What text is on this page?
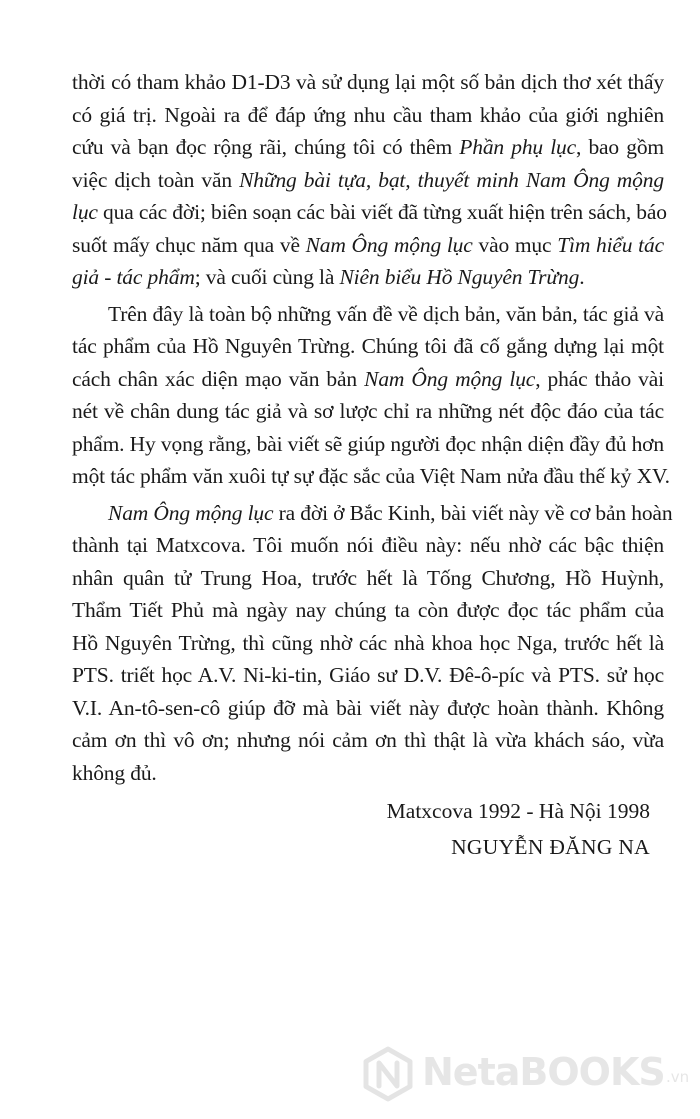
thời có tham khảo D1-D3 và sử dụng lại một số bản dịch thơ xét thấy
có giá trị. Ngoài ra để đáp ứng nhu cầu tham khảo của giới nghiên
cứu và bạn đọc rộng rãi, chúng tôi có thêm Phần phụ lục, bao gồm
việc dịch toàn văn Những bài tựa, bạt, thuyết minh Nam Ông mộng
lục qua các đời; biên soạn các bài viết đã từng xuất hiện trên sách, báo
suốt mấy chục năm qua về Nam Ông mộng lục vào mục Tìm hiểu tác
giả - tác phẩm; và cuối cùng là Niên biểu Hồ Nguyên Trừng.
Trên đây là toàn bộ những vấn đề về dịch bản, văn bản, tác giả và
tác phẩm của Hồ Nguyên Trừng. Chúng tôi đã cố gắng dựng lại một
cách chân xác diện mạo văn bản Nam Ông mộng lục, phác thảo vài
nét về chân dung tác giả và sơ lược chỉ ra những nét độc đáo của tác
phẩm. Hy vọng rằng, bài viết sẽ giúp người đọc nhận diện đầy đủ hơn
một tác phẩm văn xuôi tự sự đặc sắc của Việt Nam nửa đầu thế kỷ XV.
Nam Ông mộng lục ra đời ở Bắc Kinh, bài viết này về cơ bản hoàn
thành tại Matxcova. Tôi muốn nói điều này: nếu nhờ các bậc thiện
nhân quân tử Trung Hoa, trước hết là Tống Chương, Hồ Huỳnh,
Thẩm Tiết Phủ mà ngày nay chúng ta còn được đọc tác phẩm của
Hồ Nguyên Trừng, thì cũng nhờ các nhà khoa học Nga, trước hết là
PTS. triết học A.V. Ni-ki-tin, Giáo sư D.V. Đê-ô-píc và PTS. sử học
V.I. An-tô-sen-cô giúp đỡ mà bài viết này được hoàn thành. Không
cảm ơn thì vô ơn; nhưng nói cảm ơn thì thật là vừa khách sáo, vừa
không đủ.
Matxcova 1992 - Hà Nội 1998
NGUYỄN ĐĂNG NA
NetaBOOKS .vn
